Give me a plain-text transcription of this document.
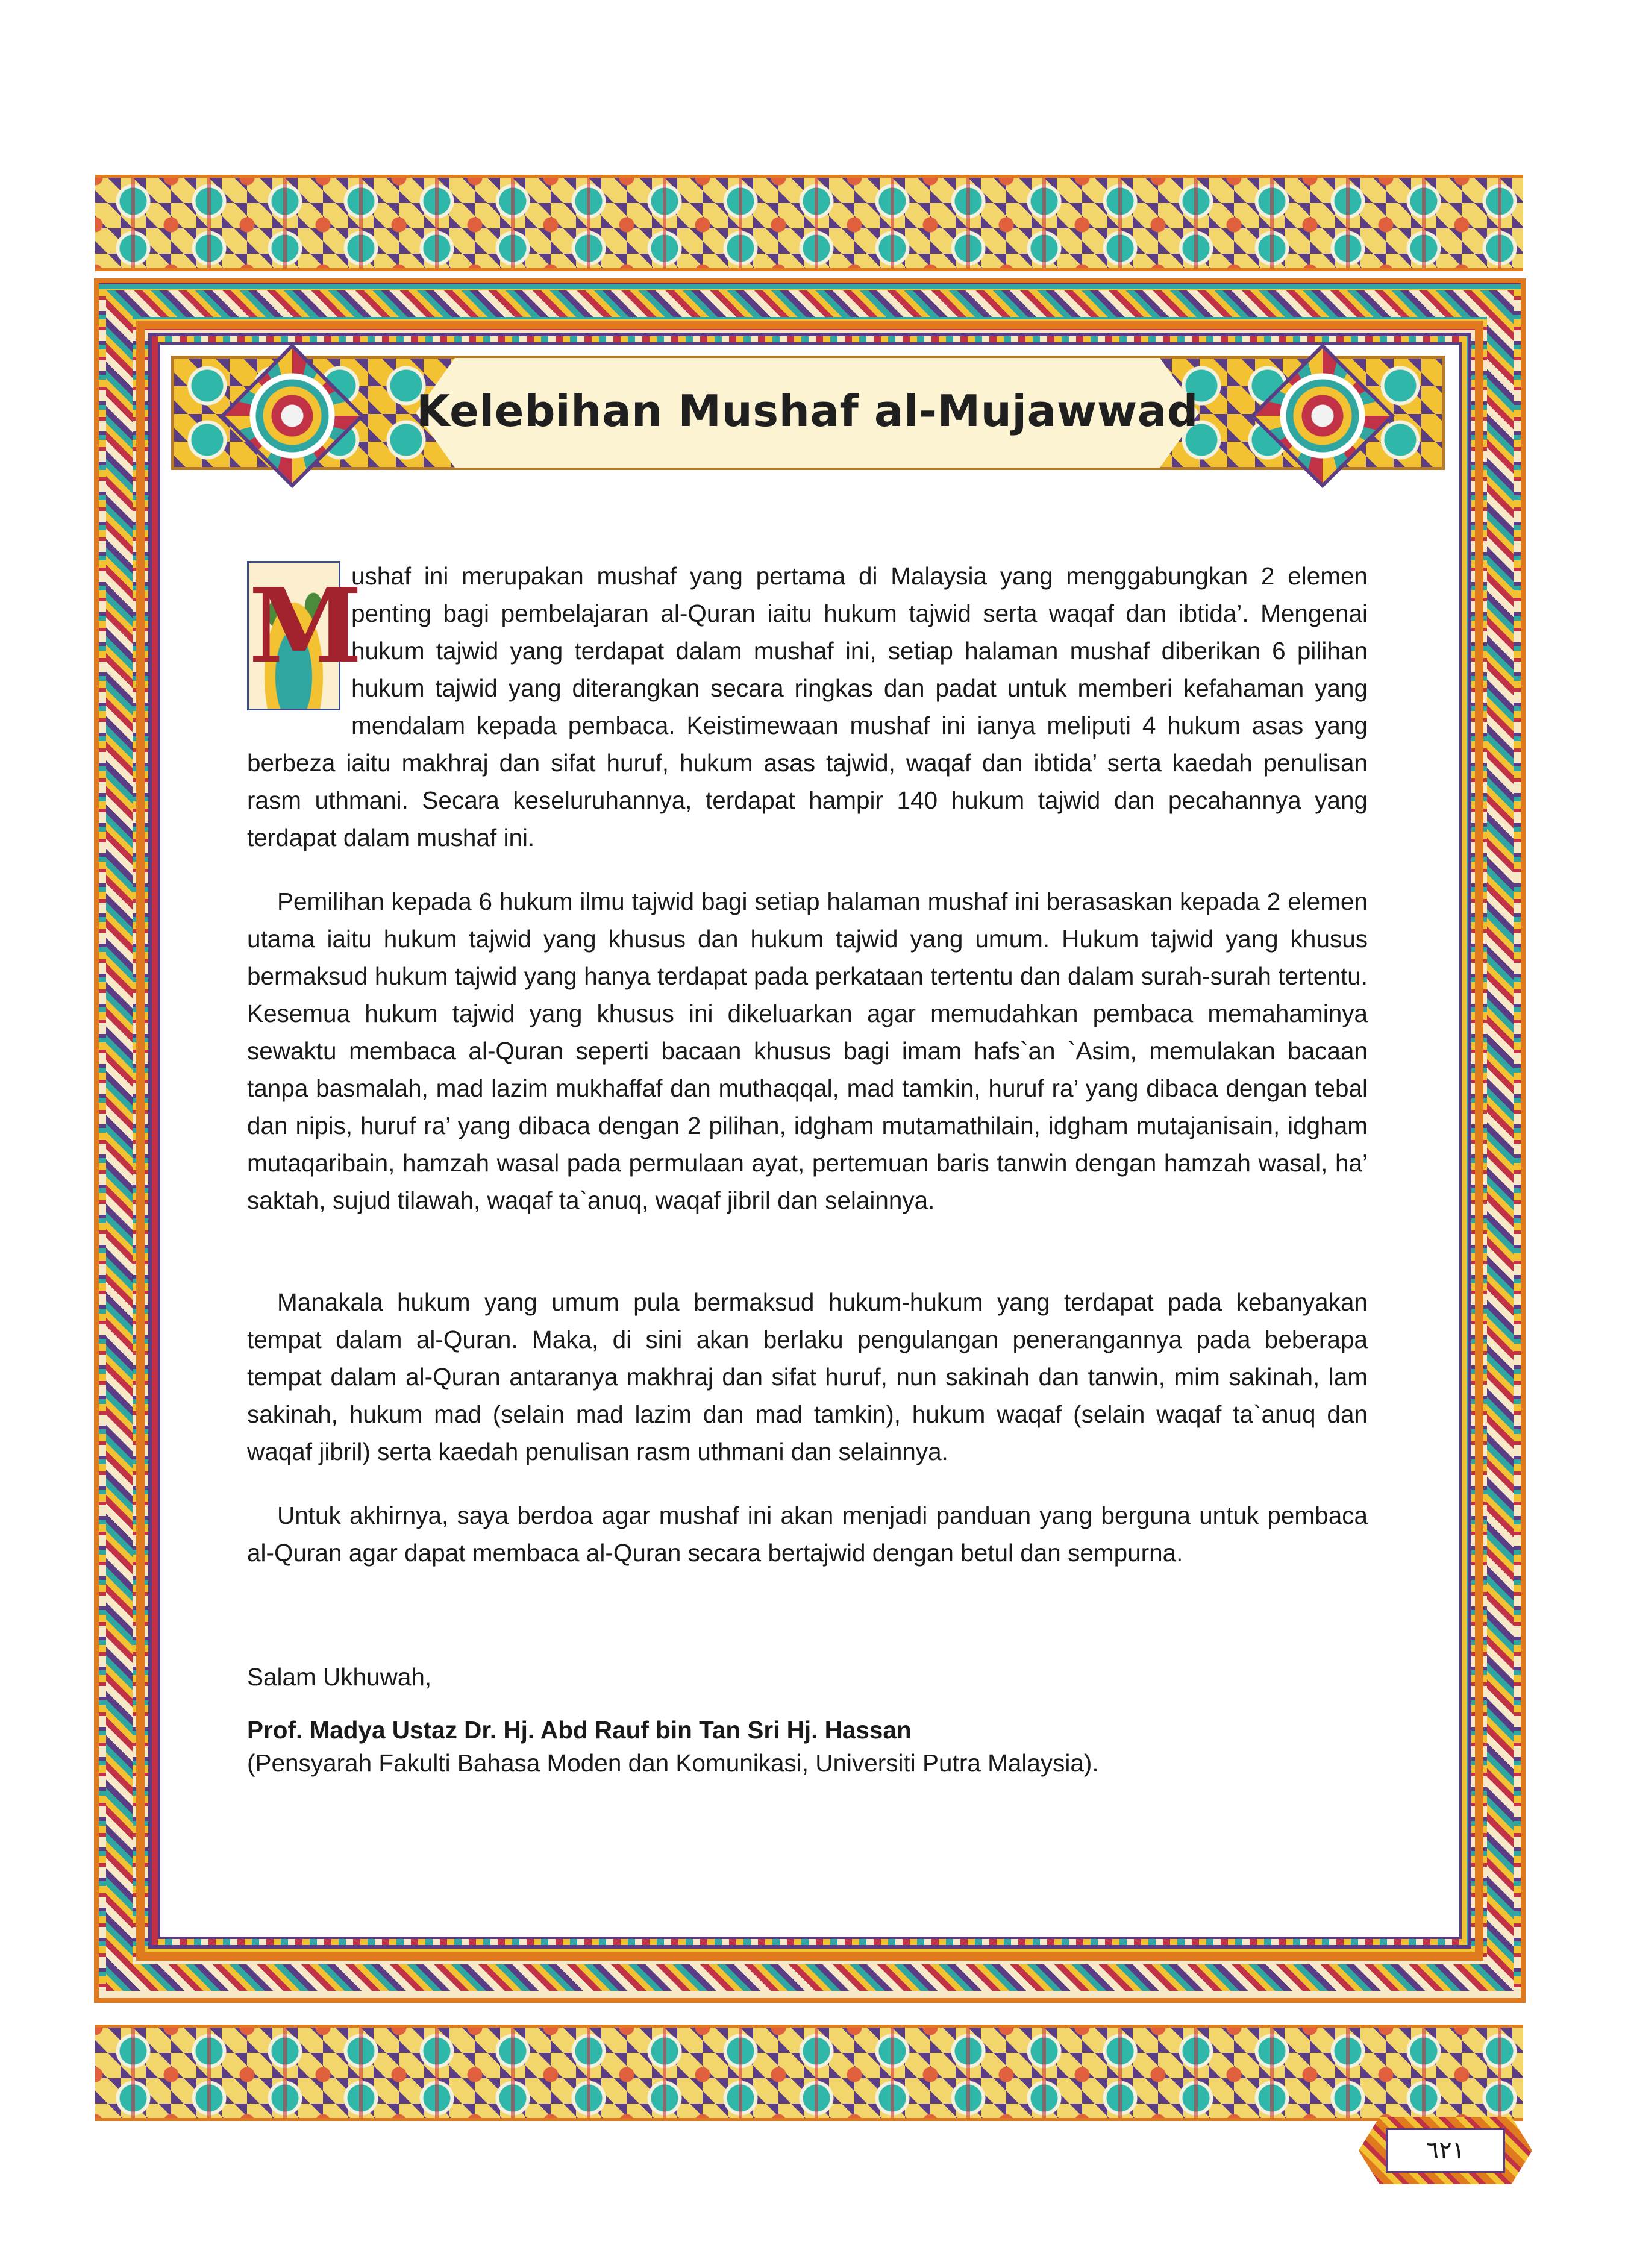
Kelebihan Mushaf al-Mujawwad

M
ushaf ini merupakan mushaf yang pertama di Malaysia yang menggabungkan 2 elemen penting bagi pembelajaran al-Quran iaitu hukum tajwid serta waqaf dan ibtida’. Mengenai hukum tajwid yang terdapat dalam mushaf ini, setiap halaman mushaf diberikan 6 pilihan hukum tajwid yang diterangkan secara ringkas dan padat untuk memberi kefahaman yang mendalam kepada pembaca. Keistimewaan mushaf ini ianya meliputi 4 hukum asas yang berbeza iaitu makhraj dan sifat huruf, hukum asas tajwid, waqaf dan ibtida’ serta kaedah penulisan rasm uthmani. Secara keseluruhannya, terdapat hampir 140 hukum tajwid dan pecahannya yang terdapat dalam mushaf ini.

Pemilihan kepada 6 hukum ilmu tajwid bagi setiap halaman mushaf ini berasaskan kepada 2 elemen utama iaitu hukum tajwid yang khusus dan hukum tajwid yang umum. Hukum tajwid yang khusus bermaksud hukum tajwid yang hanya terdapat pada perkataan tertentu dan dalam surah-surah tertentu. Kesemua hukum tajwid yang khusus ini dikeluarkan agar memudahkan pembaca memahaminya sewaktu membaca al-Quran seperti bacaan khusus bagi imam hafs`an `Asim, memulakan bacaan tanpa basmalah, mad lazim mukhaffaf dan muthaqqal, mad tamkin, huruf ra’ yang dibaca dengan tebal dan nipis, huruf ra’ yang dibaca dengan 2 pilihan, idgham mutamathilain, idgham mutajanisain, idgham mutaqaribain, hamzah wasal pada permulaan ayat, pertemuan baris tanwin dengan hamzah wasal, ha’ saktah, sujud tilawah, waqaf ta`anuq, waqaf jibril dan selainnya.

Manakala hukum yang umum pula bermaksud hukum-hukum yang terdapat pada kebanyakan tempat dalam al-Quran. Maka, di sini akan berlaku pengulangan penerangannya pada beberapa tempat dalam al-Quran antaranya makhraj dan sifat huruf, nun sakinah dan tanwin, mim sakinah, lam sakinah, hukum mad (selain mad lazim dan mad tamkin), hukum waqaf (selain waqaf ta`anuq dan waqaf jibril) serta kaedah penulisan rasm uthmani dan selainnya.

Untuk akhirnya, saya berdoa agar mushaf ini akan menjadi panduan yang berguna untuk pembaca al-Quran agar dapat membaca al-Quran secara bertajwid dengan betul dan sempurna.

Salam Ukhuwah,

Prof. Madya Ustaz Dr. Hj. Abd Rauf bin Tan Sri Hj. Hassan

(Pensyarah Fakulti Bahasa Moden dan Komunikasi, Universiti Putra Malaysia).

٦٢١
